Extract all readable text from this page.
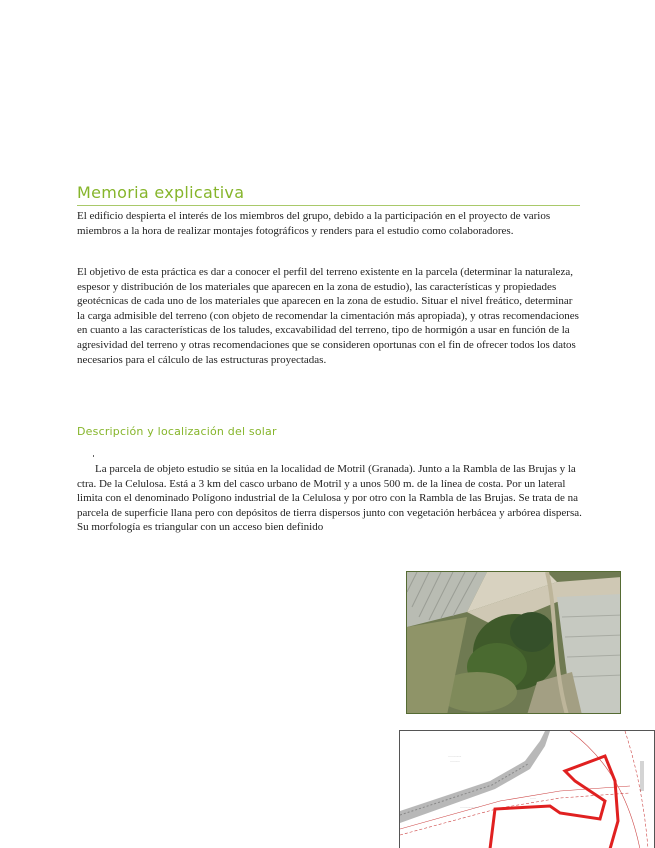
Memoria explicativa

El edificio despierta el interés de los miembros del grupo, debido a la participación en el proyecto de varios miembros a la hora de realizar montajes fotográficos y renders para el estudio como colaboradores.

El objetivo de esta práctica es dar a conocer el perfil del terreno existente en la parcela (determinar la naturaleza, espesor y distribución de los materiales que aparecen en la zona de estudio), las características y propiedades geotécnicas de cada uno de los materiales que aparecen en la zona de estudio. Situar el nivel freático, determinar la carga admisible del terreno (con objeto de recomendar la cimentación más apropiada), y otras recomendaciones en cuanto a las características de los taludes, excavabilidad del terreno, tipo de hormigón a usar en función de la agresividad del terreno y otras recomendaciones que se consideren oportunas con el fin de ofrecer todos los datos necesarios para el cálculo de las estructuras proyectadas.

Descripción y localización del solar

La parcela de objeto estudio se sitúa en la localidad de Motril (Granada). Junto a la Rambla de las Brujas y la ctra. De la Celulosa. Está a 3 km del casco urbano de Motril y a unos 500 m. de la línea de costa. Por un lateral limita con el denominado Polígono industrial de la Celulosa y por otro con la Rambla de las Brujas. Se trata de na parcela de superficie llana pero con depósitos de tierra dispersos junto con vegetación herbácea y arbórea dispersa. Su morfología es triangular con un acceso bien definido

··············
··········
····················
······
····
